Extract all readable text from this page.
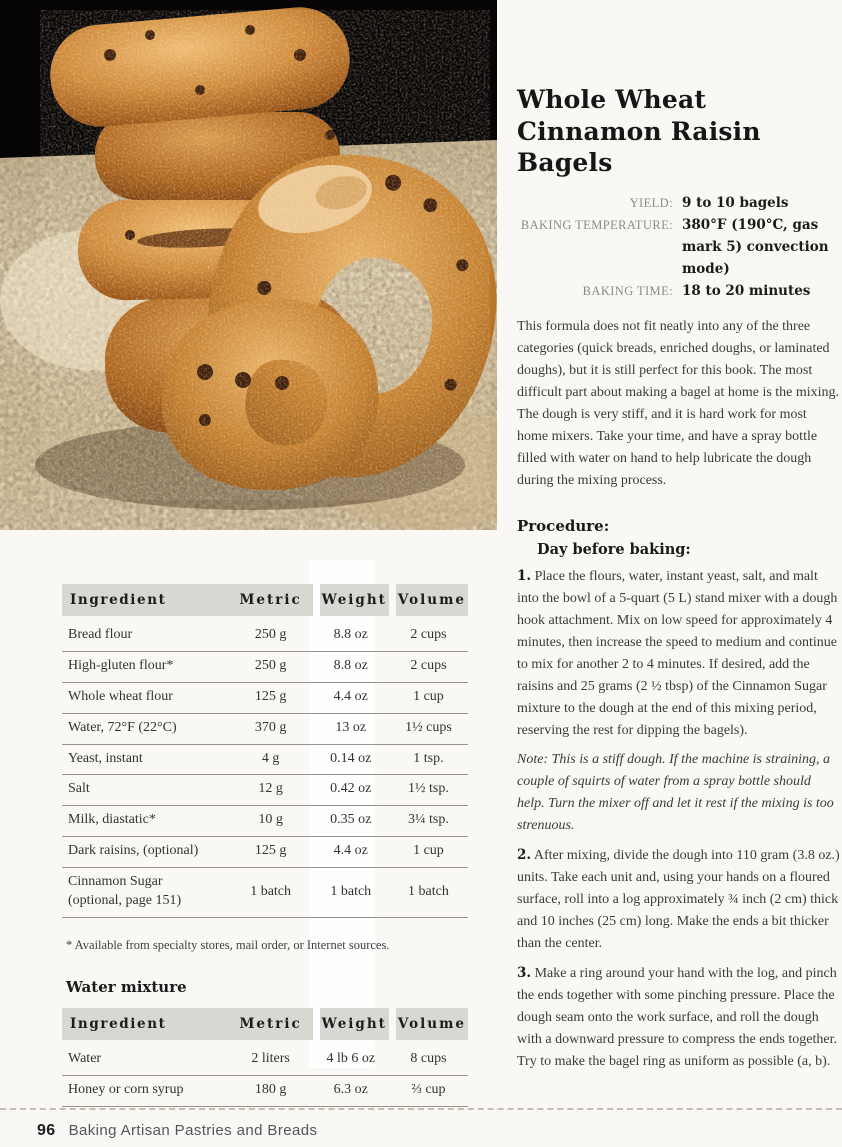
Ingredient	Metric	Weight	Volume
Bread flour	250 g	8.8 oz	2 cups
High-gluten flour*	250 g	8.8 oz	2 cups
Whole wheat flour	125 g	4.4 oz	1 cup
Water, 72°F (22°C)	370 g	13 oz	1½ cups
Yeast, instant	4 g	0.14 oz	1 tsp.
Salt	12 g	0.42 oz	1½ tsp.
Milk, diastatic*	10 g	0.35 oz	3¼ tsp.
Dark raisins, (optional)	125 g	4.4 oz	1 cup
Cinnamon Sugar
(optional, page 151)	1 batch	1 batch	1 batch

* Available from specialty stores, mail order, or Internet sources.

Water mixture
Ingredient	Metric	Weight	Volume
Water	2 liters	4 lb 6 oz	8 cups
Honey or corn syrup	180 g	6.3 oz	⅔ cup
Whole Wheat Cinnamon Raisin Bagels
YIELD: 9 to 10 bagels
BAKING TEMPERATURE: 380°F (190°C, gas mark 5) convection mode)
BAKING TIME: 18 to 20 minutes

This formula does not fit neatly into any of the three categories (quick breads, enriched doughs, or laminated doughs), but it is still perfect for this book. The most difficult part about making a bagel at home is the mixing. The dough is very stiff, and it is hard work for most home mixers. Take your time, and have a spray bottle filled with water on hand to help lubricate the dough during the mixing process.

Procedure:
Day before baking:

1. Place the flours, water, instant yeast, salt, and malt into the bowl of a 5-quart (5 L) stand mixer with a dough hook attachment. Mix on low speed for approximately 4 minutes, then increase the speed to medium and continue to mix for another 2 to 4 minutes. If desired, add the raisins and 25 grams (2 ½ tbsp) of the Cinnamon Sugar mixture to the dough at the end of this mixing period, reserving the rest for dipping the bagels).

Note: This is a stiff dough. If the machine is straining, a couple of squirts of water from a spray bottle should help. Turn the mixer off and let it rest if the mixing is too strenuous.

2. After mixing, divide the dough into 110 gram (3.8 oz.) units. Take each unit and, using your hands on a floured surface, roll into a log approximately ¾ inch (2 cm) thick and 10 inches (25 cm) long. Make the ends a bit thicker than the center.

3. Make a ring around your hand with the log, and pinch the ends together with some pinching pressure. Place the dough seam onto the work surface, and roll the dough with a downward pressure to compress the ends together. Try to make the bagel ring as uniform as possible (a, b).

96 Baking Artisan Pastries and Breads
